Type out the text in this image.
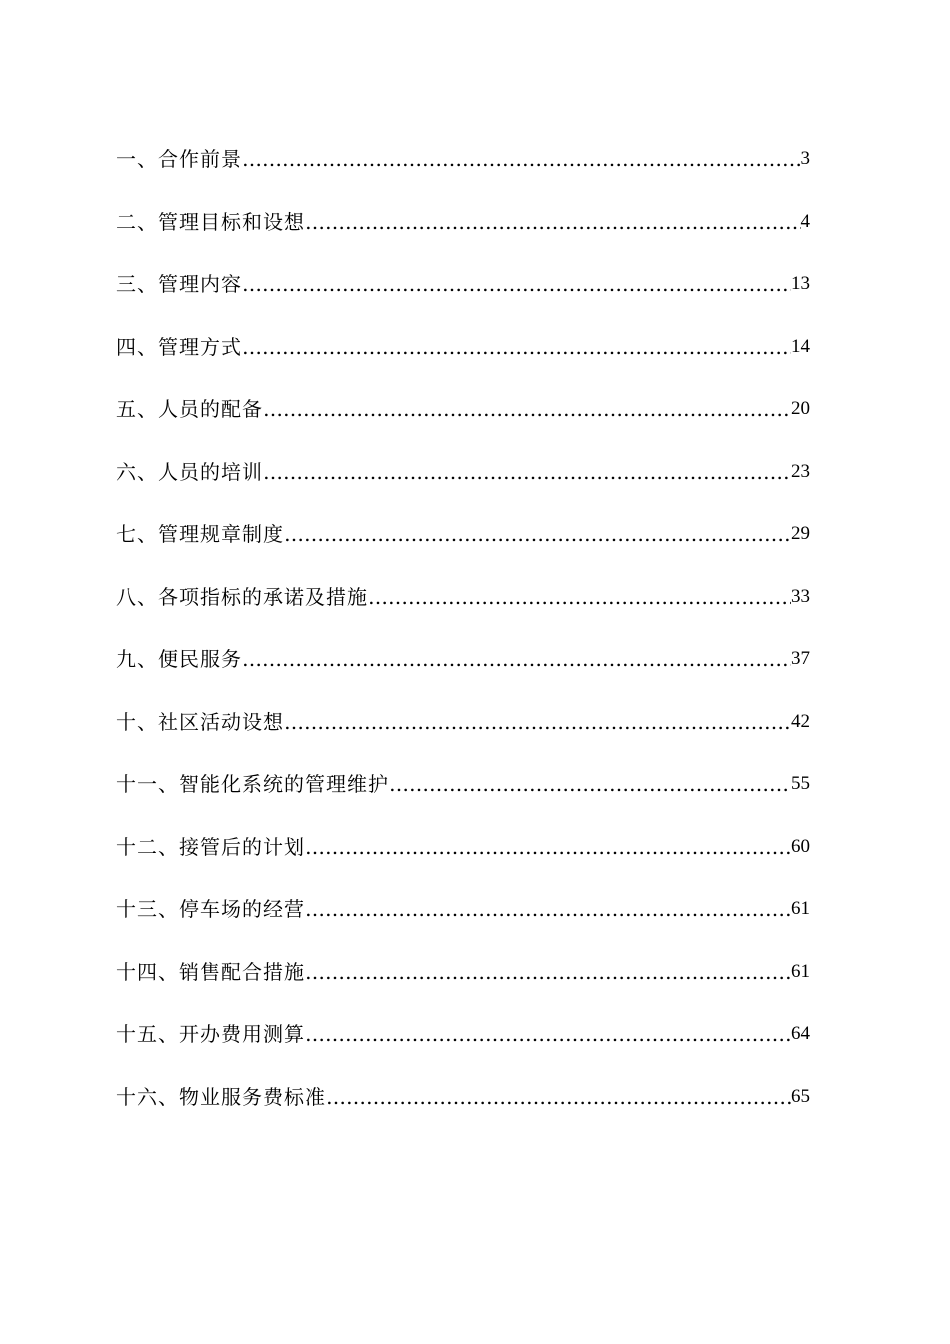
一、合作前景 ………………………………………………………………………………………………………………………………………………………………	3
二、管理目标和设想 ………………………………………………………………………………………………………………………………………………………………	4
三、管理内容 ………………………………………………………………………………………………………………………………………………………………	13
四、管理方式 ………………………………………………………………………………………………………………………………………………………………	14
五、人员的配备 ………………………………………………………………………………………………………………………………………………………………	20
六、人员的培训 ………………………………………………………………………………………………………………………………………………………………	23
七、管理规章制度 ………………………………………………………………………………………………………………………………………………………………	29
八、各项指标的承诺及措施 ………………………………………………………………………………………………………………………………………………………………	33
九、便民服务 ………………………………………………………………………………………………………………………………………………………………	37
十、社区活动设想 ………………………………………………………………………………………………………………………………………………………………	42
十一、智能化系统的管理维护 ………………………………………………………………………………………………………………………………………………………………	55
十二、接管后的计划 ………………………………………………………………………………………………………………………………………………………………	60
十三、停车场的经营 ………………………………………………………………………………………………………………………………………………………………	61
十四、销售配合措施 ………………………………………………………………………………………………………………………………………………………………	61
十五、开办费用测算 ………………………………………………………………………………………………………………………………………………………………	64
十六、物业服务费标准 ………………………………………………………………………………………………………………………………………………………………	65
